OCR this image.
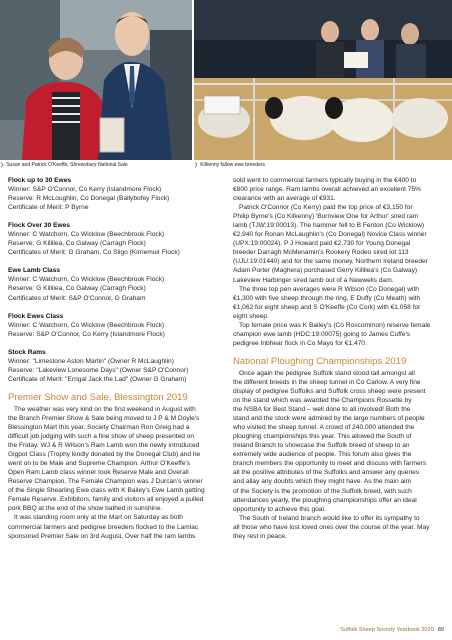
❯ Susan and Patrick O'Keeffe, Shrewsbury National Sale	❯ Kilkenny fallow ewe breeders
Flock up to 30 Ewes
Winner: S&P O'Connor, Co Kerry (Islandmore Flock)
Reserve: R McLoughlin, Co Donegal (Ballybofey Flock)
Certificate of Merit: P Byrne
Flock Over 30 Ewes
Winner: C Watchorn, Co Wicklow (Beechbrook Flock)
Reserve: G Killilea, Co Galway (Carragh Flock)
Certificates of Merit: G Graham, Co Sligo (Kirriemuir Flock)
Ewe Lamb Class
Winner: C Watchorn, Co Wicklow (Beechbrook Flock)
Reserve: G Killilea, Co Galway (Carragh Flock)
Certificates of Merit: S&P O'Connor, G Graham
Flock Ewes Class
Winner: C Watchorn, Co Wicklow (Beechbrook Flock)
Reserve: S&P O'Connor, Co Kerry (Islandmore Flock)
Stock Rams
Winner: "Limestone Aston Martin" (Owner R McLaughlin)
Reserve: "Lakeview Lonesome Days" (Owner S&P O'Connor)
Certificate of Merit: "Errigal Jack the Lad" (Owner G Graham)
Premier Show and Sale, Blessington 2019
The weather was very kind on the first weekend in August with
the Branch Premier Show & Sale being moved to J P & M Doyle's
Blessington Mart this year. Society Chairman Ron Greig had a
difficult job judging with such a fine show of sheep presented on
the Friday. WJ & R Wilson's Ram Lamb won the newly introduced
Gigpot Class (Trophy kindly donated by the Donegal Club) and he
went on to be Male and Supreme Champion. Arthur O'Keeffe's
Open Ram Lamb class winner took Reserve Male and Overall
Reserve Champion. The Female Champion was J Durcan's winner
of the Single Shearling Ewe class with K Bailey's Ewe Lamb getting
Female Reserve. Exhibitors, family and visitors all enjoyed a pulled
pork BBQ at the end of the show bathed in sunshine.
It was standing room only at the Mart on Saturday as both
commercial farmers and pedigree breeders flocked to the Lamlac
sponsored Premier Sale on 3rd August. Over half the ram lambs
sold went to commercial farmers typically buying in the €400 to
€800 price range. Ram lambs overall achieved an excellent 75%
clearance with an average of €931.
Patrick O'Connor (Co Kerry) paid the top price of €3,150 for
Philip Byrne's (Co Kilkenny) 'Burnview One for Arthur' sired ram
lamb (TJW:19:00013). The hammer fell to B Fenton (Co Wicklow)
€2,940 for Ronan McLaughlin's (Co Donegal) Novice Class winner
(UPX:19:00024). P J Howard paid €2,730 for Young Donegal
breeder Darragh McMenamin's Rookery Rodeo sired lot 113
(UJU:19:01440) and for the same money, Northern Ireland breeder
Adam Porter (Maghera) purchased Gerry Killilea's (Co Galway)
Lakeview Harbinger sired lamb out of a Newwells dam.
The three top pen averages were R Wilson (Co Donegal) with
€1,300 with five sheep through the ring, E Duffy (Co Meath) with
€1,062 for eight sheep and S O'Keeffe (Co Cork) with €1,058 for
eight sheep.
Top female price was K Bailey's (Co Roscommon) reserve female
champion ewe lamb (HDC:19:00075) going to James Cuffe's
pedigree Inbhear flock in Co Mayo for €1,470.
National Ploughing Championships 2019
Once again the pedigree Suffolk stand stood tall amongst all
the different breeds in the sheep tunnel in Co Carlow. A very fine
display of pedigree Suffolks and Suffolk cross sheep were present
on the stand which was awarded the Champions Rossette by
the NSBA for Best Stand – well done to all involved! Both the
stand and the stock were admired by the large numbers of people
who visited the sheep tunnel. A crowd of 240,000 attended the
ploughing championships this year. This allowed the South of
Ireland Branch to showcase the Suffolk breed of sheep to an
extremely wide audience of people. This forum also gives the
branch members the opportunity to meet and discuss with farmers
all the positive attributes of the Suffolks and answer any queries
and allay any doubts which they might have. As the main aim
of the Society is the promotion of the Suffolk breed, with such
attendances yearly, the ploughing championships offer an ideal
opportunity to achieve this goal.
The South of Ireland branch would like to offer its sympathy to
all those who have lost loved ones over the course of the year. May
they rest in peace.
Suffolk Sheep Society Yearbook 2020 89
